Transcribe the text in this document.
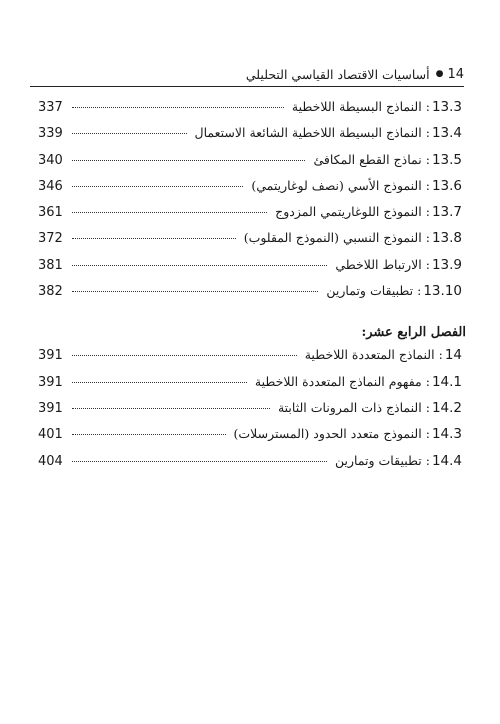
14
●
أساسيات الاقتصاد القياسي التحليلي
13.3
:
النماذج البسيطة اللاخطية
337
13.4
:
النماذج البسيطة اللاخطية الشائعة الاستعمال
339
13.5
:
نماذج القطع المكافئ
340
13.6
:
النموذج الأسي (نصف لوغاريتمي)
346
13.7
:
النموذج اللوغاريتمي المزدوج
361
13.8
:
النموذج النسبي (النموذج المقلوب)
372
13.9
:
الارتباط اللاخطي
381
13.10
:
تطبيقات وتمارين
382
الفصل الرابع عشر:
14
:
النماذج المتعددة اللاخطية
391
14.1
:
مفهوم النماذج المتعددة اللاخطية
391
14.2
:
النماذج ذات المرونات الثابتة
391
14.3
:
النموذج متعدد الحدود (المسترسلات)
401
14.4
:
تطبيقات وتمارين
404
